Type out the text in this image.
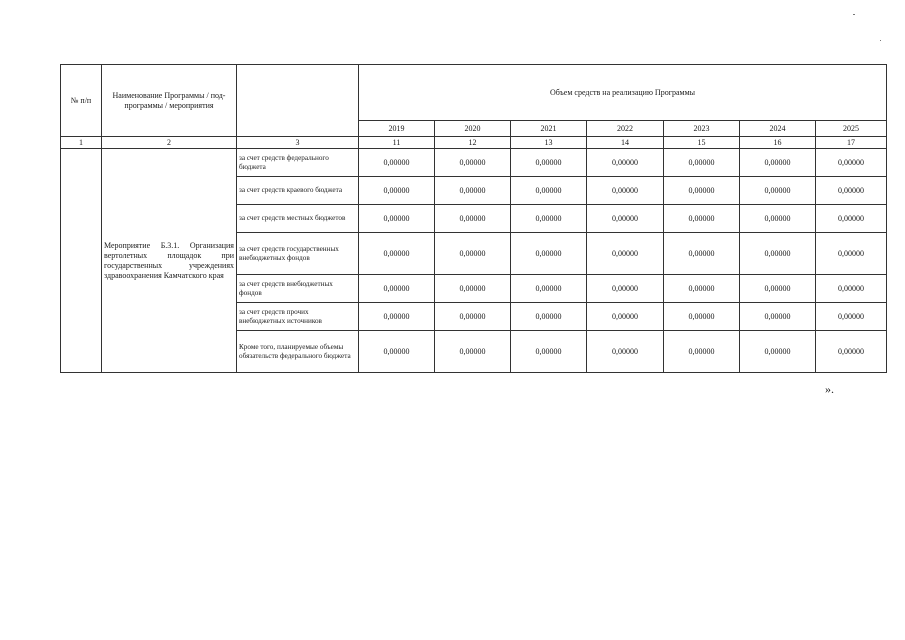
№ п/п	Наименование Программы / под-программы / мероприятия		Объем средств на реализацию Программы						
			2019	2020	2021	2022	2023	2024	2025
1	2	3	11	12	13	14	15	16	17
	Мероприятие Б.3.1. Организация вертолетных площадок при государственных учреждениях здравоохранения Камчатского края	за счет средств федерального бюджета	0,00000	0,00000	0,00000	0,00000	0,00000	0,00000	0,00000
		за счет средств краевого бюджета	0,00000	0,00000	0,00000	0,00000	0,00000	0,00000	0,00000
		за счет средств местных бюджетов	0,00000	0,00000	0,00000	0,00000	0,00000	0,00000	0,00000
		за счет средств государственных внебюджетных фондов	0,00000	0,00000	0,00000	0,00000	0,00000	0,00000	0,00000
		за счет средств внебюджетных фондов	0,00000	0,00000	0,00000	0,00000	0,00000	0,00000	0,00000
		за счет средств прочих внебюджетных источников	0,00000	0,00000	0,00000	0,00000	0,00000	0,00000	0,00000
		Кроме того, планируемые объемы обязательств федерального бюджета	0,00000	0,00000	0,00000	0,00000	0,00000	0,00000	0,00000
».
